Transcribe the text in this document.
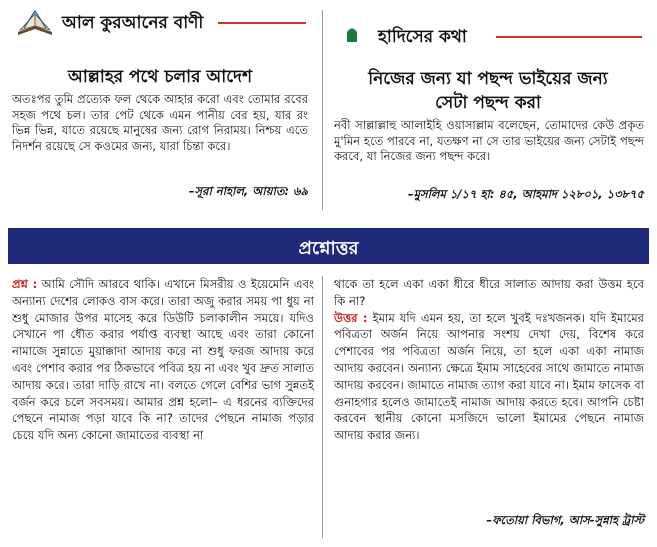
আল কুরআনের বাণী
আল্লাহর পথে চলার আদেশ
অতঃপর তুমি প্রত্যেক ফল থেকে আহার করো এবং তোমার রবের সহজ পথে চল। তার পেট থেকে এমন পানীয় বের হয়, যার রং ভিন্ন ভিন্ন, যাতে রয়েছে মানুষের জন্য রোগ নিরাময়। নিশ্চয় এতে নিদর্শন রয়েছে সে কওমের জন্য, যারা চিন্তা করে।
–সূরা নাহাল, আয়াত: ৬৯
হাদিসের কথা
নিজের জন্য যা পছন্দ ভাইয়ের জন্য
সেটা পছন্দ করা
নবী সাল্লাল্লাহু আলাইহি ওয়াসাল্লাম বলেছেন, তোমাদের কেউ প্রকৃত মু'মিন হতে পারবে না, যতক্ষণ না সে তার ভাইয়ের জন্য সেটাই পছন্দ করবে, যা নিজের জন্য পছন্দ করে।
–মুসলিম ১/১৭ হা: ৪৫, আহমাদ ১২৮০১, ১৩৮৭৫
প্রশ্নোত্তর
প্রশ্ন : আমি সৌদি আরবে থাকি। এখানে মিসরীয় ও ইয়েমেনি এবং অন্যান্য দেশের লোকও বাস করে। তারা অজু করার সময় পা ধুয় না শুধু মোজার উপর মাসেহ করে ডিউটি চলাকালীন সময়ে। যদিও সেখানে পা ধৌত করার পর্যাপ্ত ব্যবস্থা আছে এবং তারা কোনো নামাজে সুন্নাতে মুয়াক্কাদা আদায় করে না শুধু ফরজ আদায় করে এবং পেশাব করার পর ঠিকভাবে পবিত্র হয় না এবং খুব দ্রুত সালাত আদায় করে। তারা দাড়ি রাখে না। বলতে গেলে বেশির ভাগ সুন্নতই বর্জন করে চলে সবসময়। আমার প্রশ্ন হলো– এ ধরনের ব্যক্তিদের পেছনে নামাজ পড়া যাবে কি না? তাদের পেছনে নামাজ পড়ার চেয়ে যদি অন্য কোনো জামাতের ব্যবস্থা না
থাকে তা হলে একা একা ধীরে ধীরে সালাত আদায় করা উত্তম হবে কি না?
উত্তর : ইমাম যদি এমন হয়, তা হলে খুবই দঃখজনক। যদি ইমামের পবিত্রতা অর্জন নিয়ে আপনার সংশয় দেখা দেয়, বিশেষ করে পেশাবের পর পবিত্রতা অর্জন নিয়ে, তা হলে একা একা নামাজ আদায় করবেন। অন্যান্য ক্ষেত্রে ইমাম সাহেবের সাথে জামাতে নামাজ আদায় করবেন। জামাতে নামাজ ত্যাগ করা যাবে না। ইমাম ফাসেক বা গুনাহগার হলেও জামাতেই নামাজ আদায় করতে হবে। আপনি চেষ্টা করবেন স্থানীয় কোনো মসজিদে ভালো ইমামের পেছনে নামাজ আদায় করার জন্য।
–ফতোয়া বিভাগ, আস-সুন্নাহ ট্রাস্ট
